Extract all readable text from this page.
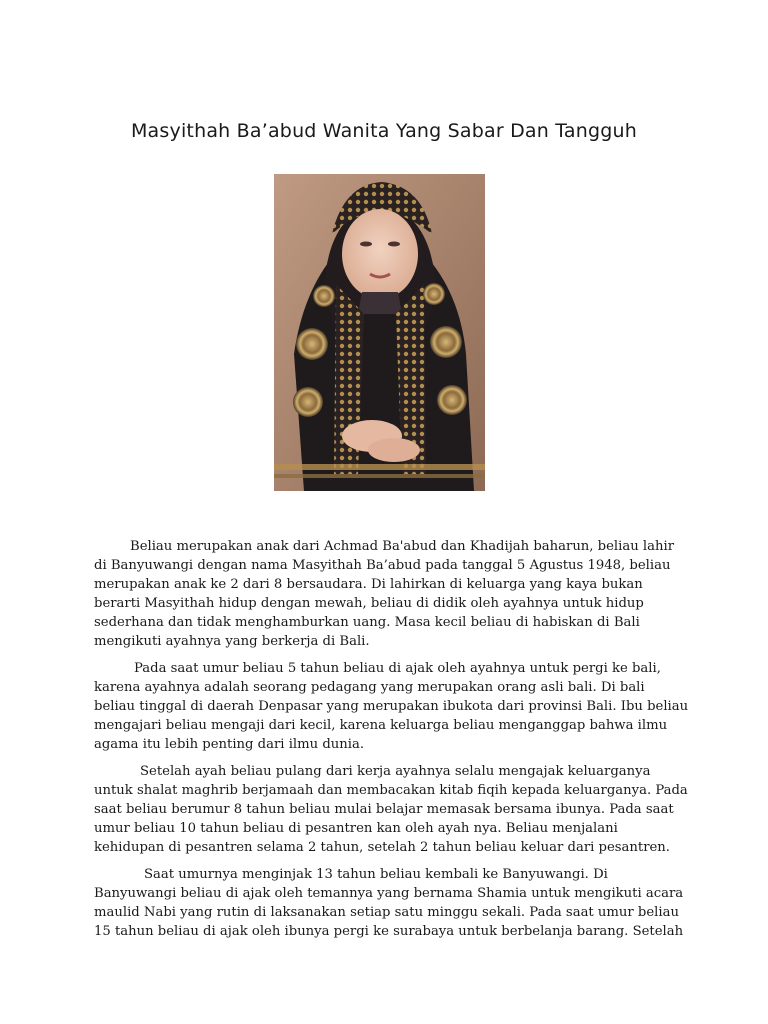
Masyithah Ba’abud Wanita Yang Sabar Dan Tangguh
Beliau merupakan anak dari Achmad Ba'abud dan Khadijah baharun, beliau lahir
di Banyuwangi dengan nama Masyithah Ba’abud pada tanggal 5 Agustus 1948, beliau
merupakan anak ke 2 dari 8 bersaudara. Di lahirkan di keluarga yang kaya bukan
berarti Masyithah hidup dengan mewah, beliau di didik oleh ayahnya untuk hidup
sederhana dan tidak menghamburkan uang. Masa kecil beliau di habiskan di Bali
mengikuti ayahnya yang berkerja di Bali.
Pada saat umur beliau 5 tahun beliau di ajak oleh ayahnya untuk pergi ke bali,
karena ayahnya adalah seorang pedagang yang merupakan orang asli bali. Di bali
beliau tinggal di daerah Denpasar yang merupakan ibukota dari provinsi Bali. Ibu beliau
mengajari beliau mengaji dari kecil, karena keluarga beliau menganggap bahwa ilmu
agama itu lebih penting dari ilmu dunia.
Setelah ayah beliau pulang dari kerja ayahnya selalu mengajak keluarganya
untuk shalat maghrib berjamaah dan membacakan kitab fiqih kepada keluarganya. Pada
saat beliau berumur 8 tahun beliau mulai belajar memasak bersama ibunya. Pada saat
umur beliau 10 tahun beliau di pesantren kan oleh ayah nya. Beliau menjalani
kehidupan di pesantren selama 2 tahun, setelah 2 tahun beliau keluar dari pesantren.
Saat umurnya menginjak 13 tahun beliau kembali ke Banyuwangi. Di
Banyuwangi beliau di ajak oleh temannya yang bernama Shamia untuk mengikuti acara
maulid Nabi yang rutin di laksanakan setiap satu minggu sekali. Pada saat umur beliau
15 tahun beliau di ajak oleh ibunya pergi ke surabaya untuk berbelanja barang. Setelah
